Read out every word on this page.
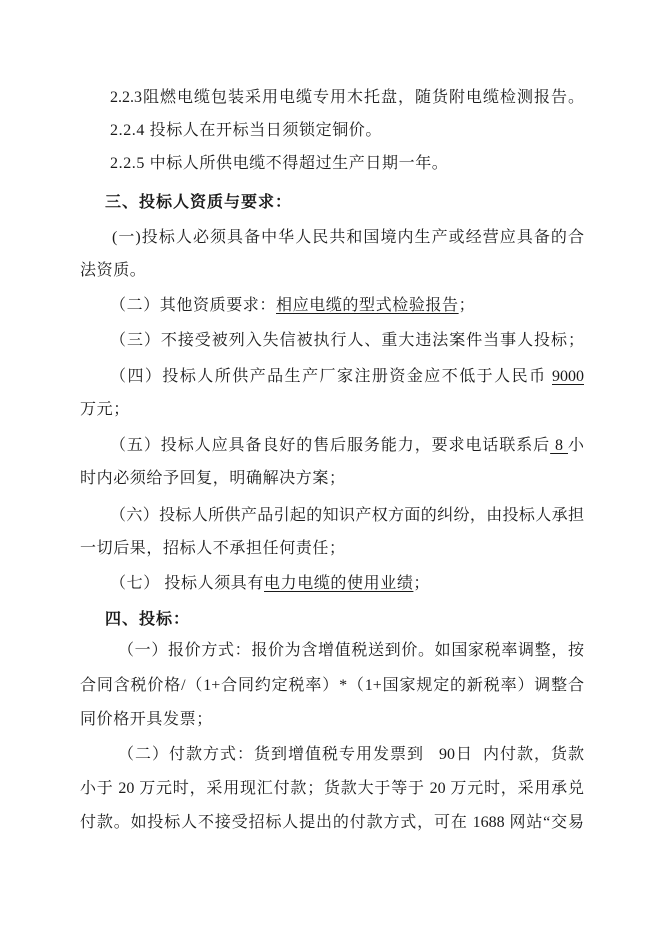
2.2.3阻燃电缆包装采用电缆专用木托盘，随货附电缆检测报告。
2.2.4 投标人在开标当日须锁定铜价。
2.2.5 中标人所供电缆不得超过生产日期一年。
三、投标人资质与要求：
(一)投标人必须具备中华人民共和国境内生产或经营应具备的合
法资质。
（二）其他资质要求：相应电缆的型式检验报告；
（三）不接受被列入失信被执行人、重大违法案件当事人投标；
（四）投标人所供产品生产厂家注册资金应不低于人民币 9000
万元；
（五）投标人应具备良好的售后服务能力，要求电话联系后 8 小
时内必须给予回复，明确解决方案；
（六）投标人所供产品引起的知识产权方面的纠纷，由投标人承担
一切后果，招标人不承担任何责任；
（七） 投标人须具有电力电缆的使用业绩；
四、投标：
（一）报价方式：报价为含增值税送到价。如国家税率调整，按
合同含税价格/（1+合同约定税率）*（1+国家规定的新税率）调整合
同价格开具发票；
（二）付款方式：货到增值税专用发票到   90日  内付款，货款
小于 20 万元时，采用现汇付款；货款大于等于 20 万元时，采用承兑
付款。如投标人不接受招标人提出的付款方式，可在 1688 网站“交易
